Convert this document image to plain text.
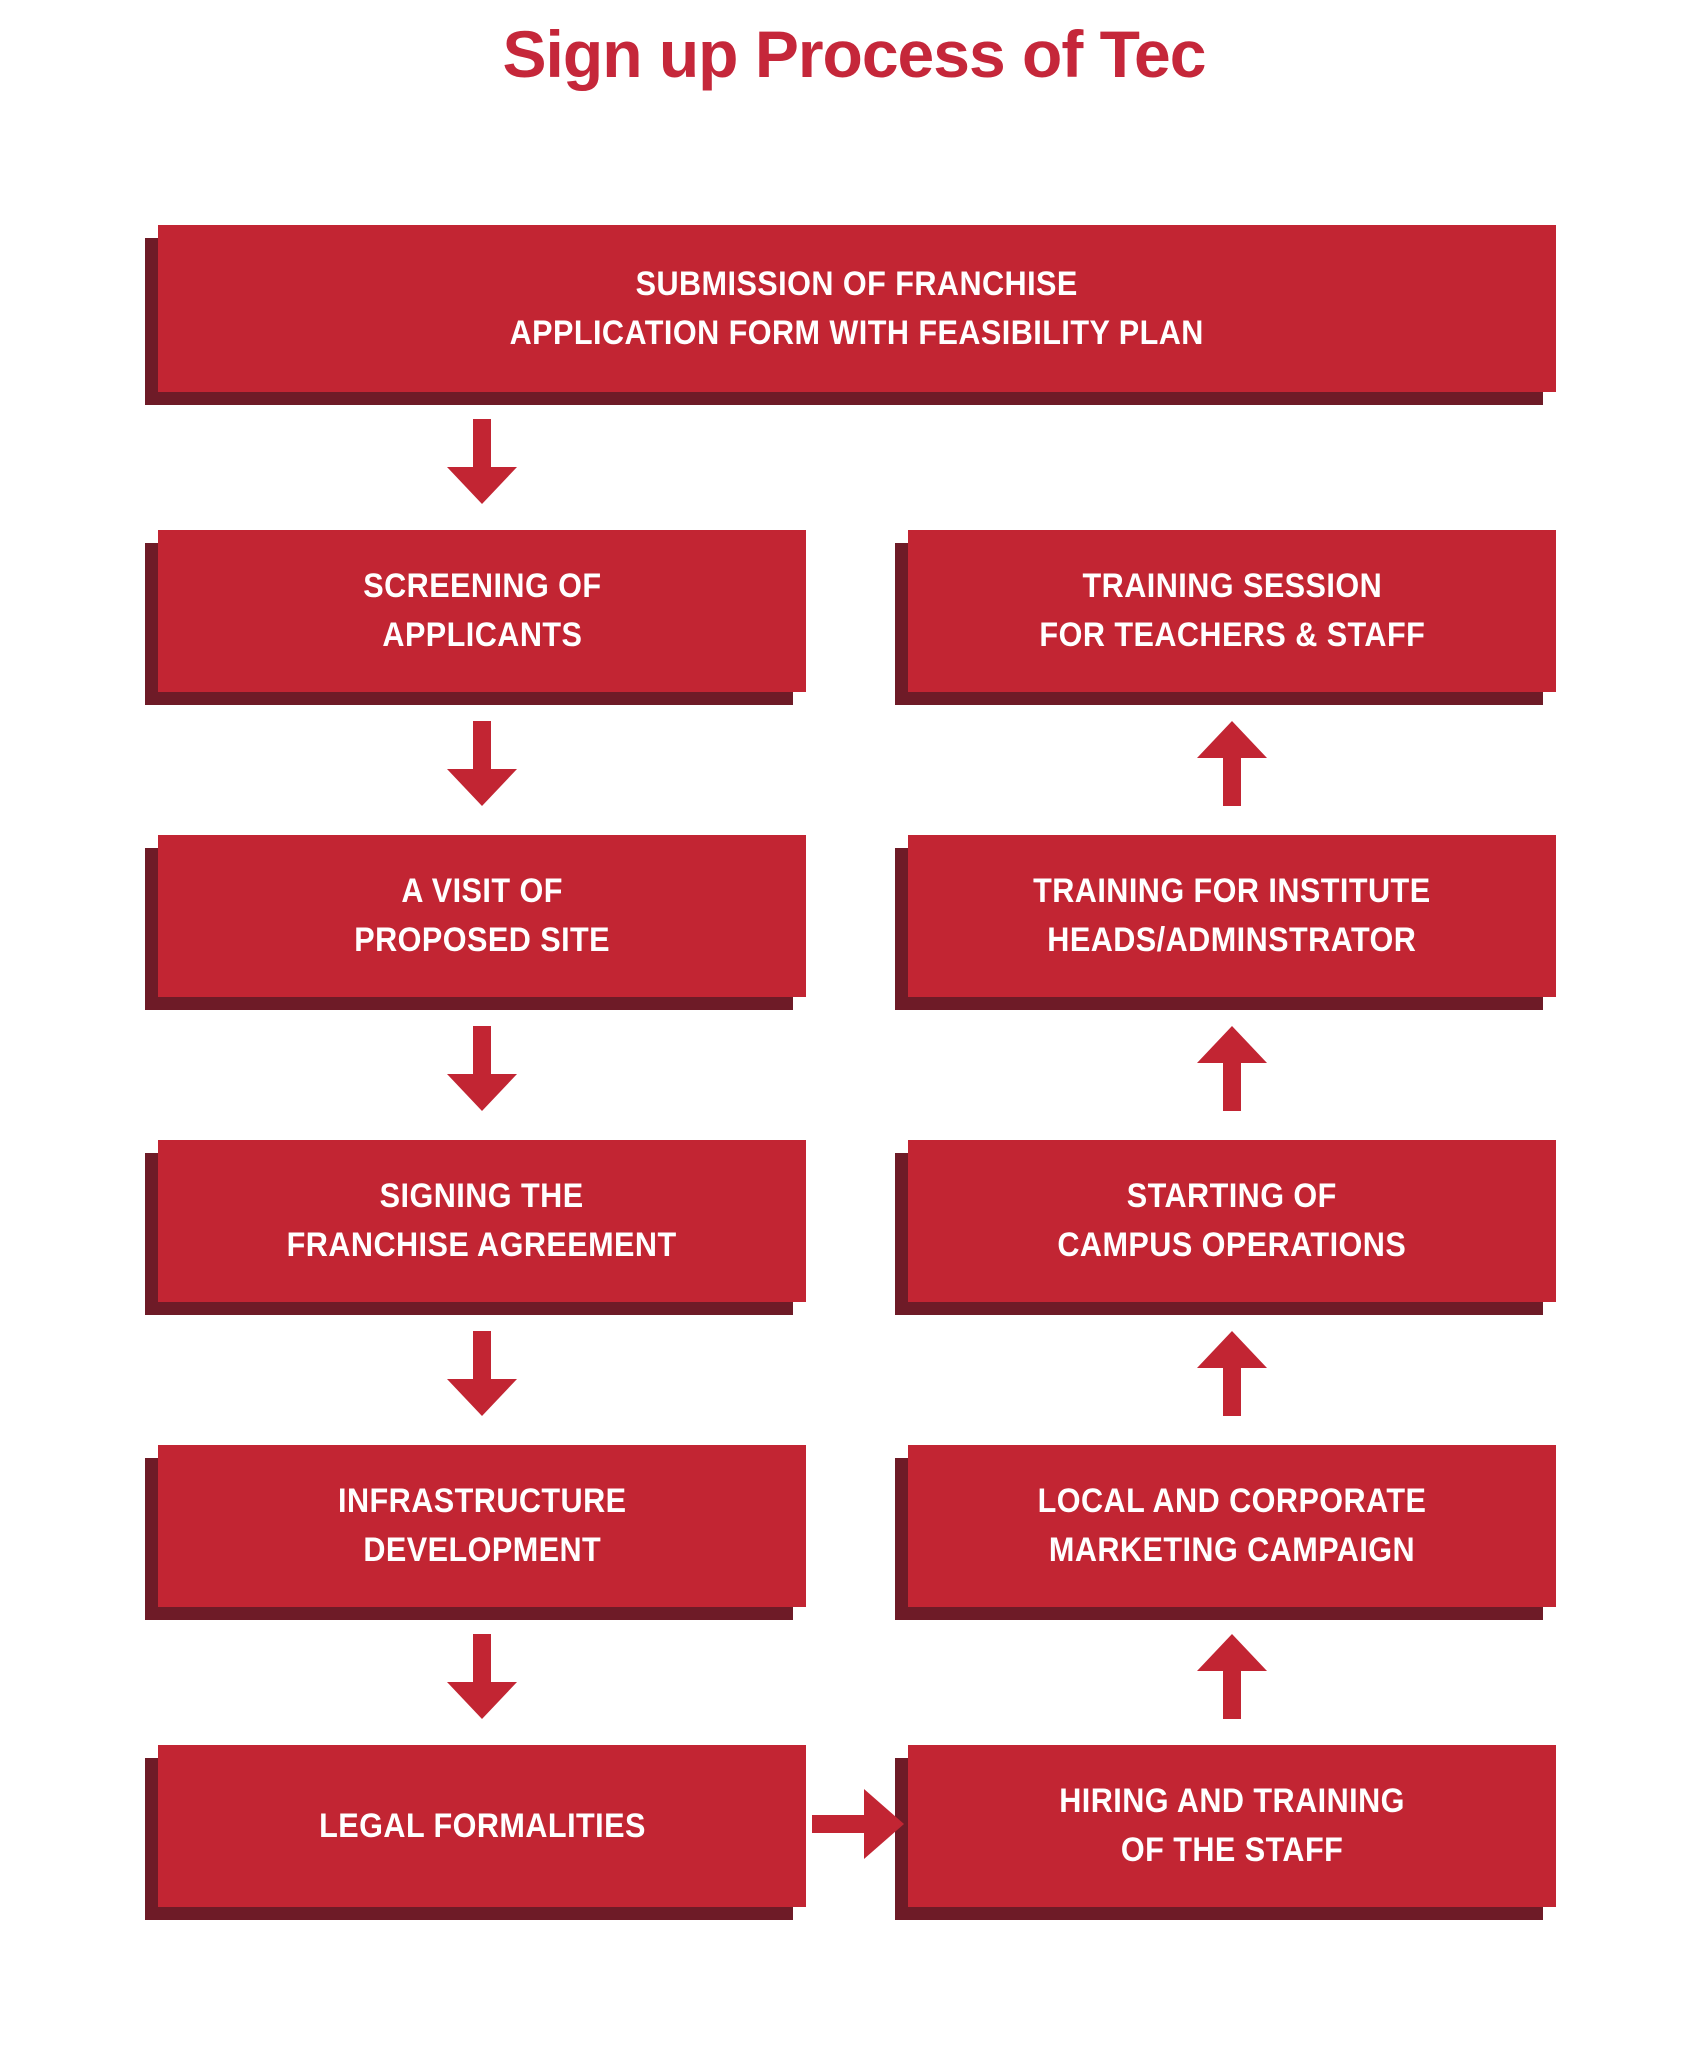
Sign up Process of Tec
SUBMISSION OF FRANCHISE
APPLICATION FORM WITH FEASIBILITY PLAN
SCREENING OF
APPLICANTS
A VISIT OF
PROPOSED SITE
SIGNING THE
FRANCHISE AGREEMENT
INFRASTRUCTURE
DEVELOPMENT
LEGAL FORMALITIES
TRAINING SESSION
FOR TEACHERS & STAFF
TRAINING FOR INSTITUTE
HEADS/ADMINSTRATOR
STARTING OF
CAMPUS OPERATIONS
LOCAL AND CORPORATE
MARKETING CAMPAIGN
HIRING AND TRAINING
OF THE STAFF
